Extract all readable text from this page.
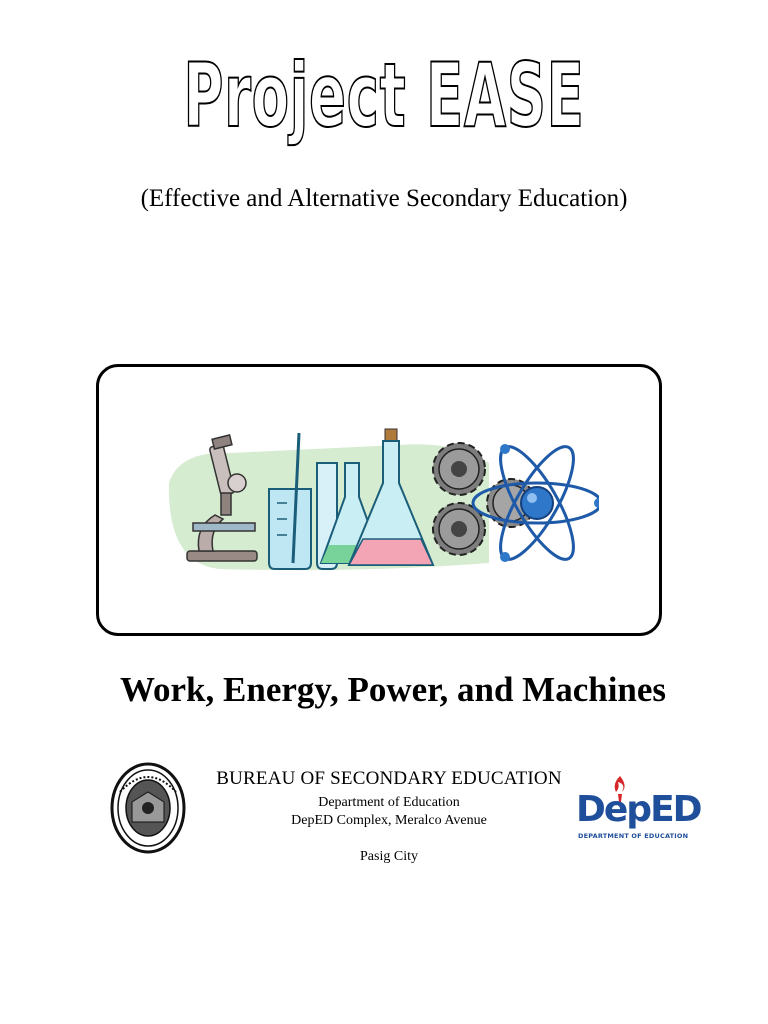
Project EASE
(Effective and Alternative Secondary Education)
Work, Energy, Power, and Machines
BUREAU OF SECONDARY EDUCATION
Department of Education
DepED Complex, Meralco Avenue
Pasig City
DepED
DEPARTMENT OF EDUCATION
